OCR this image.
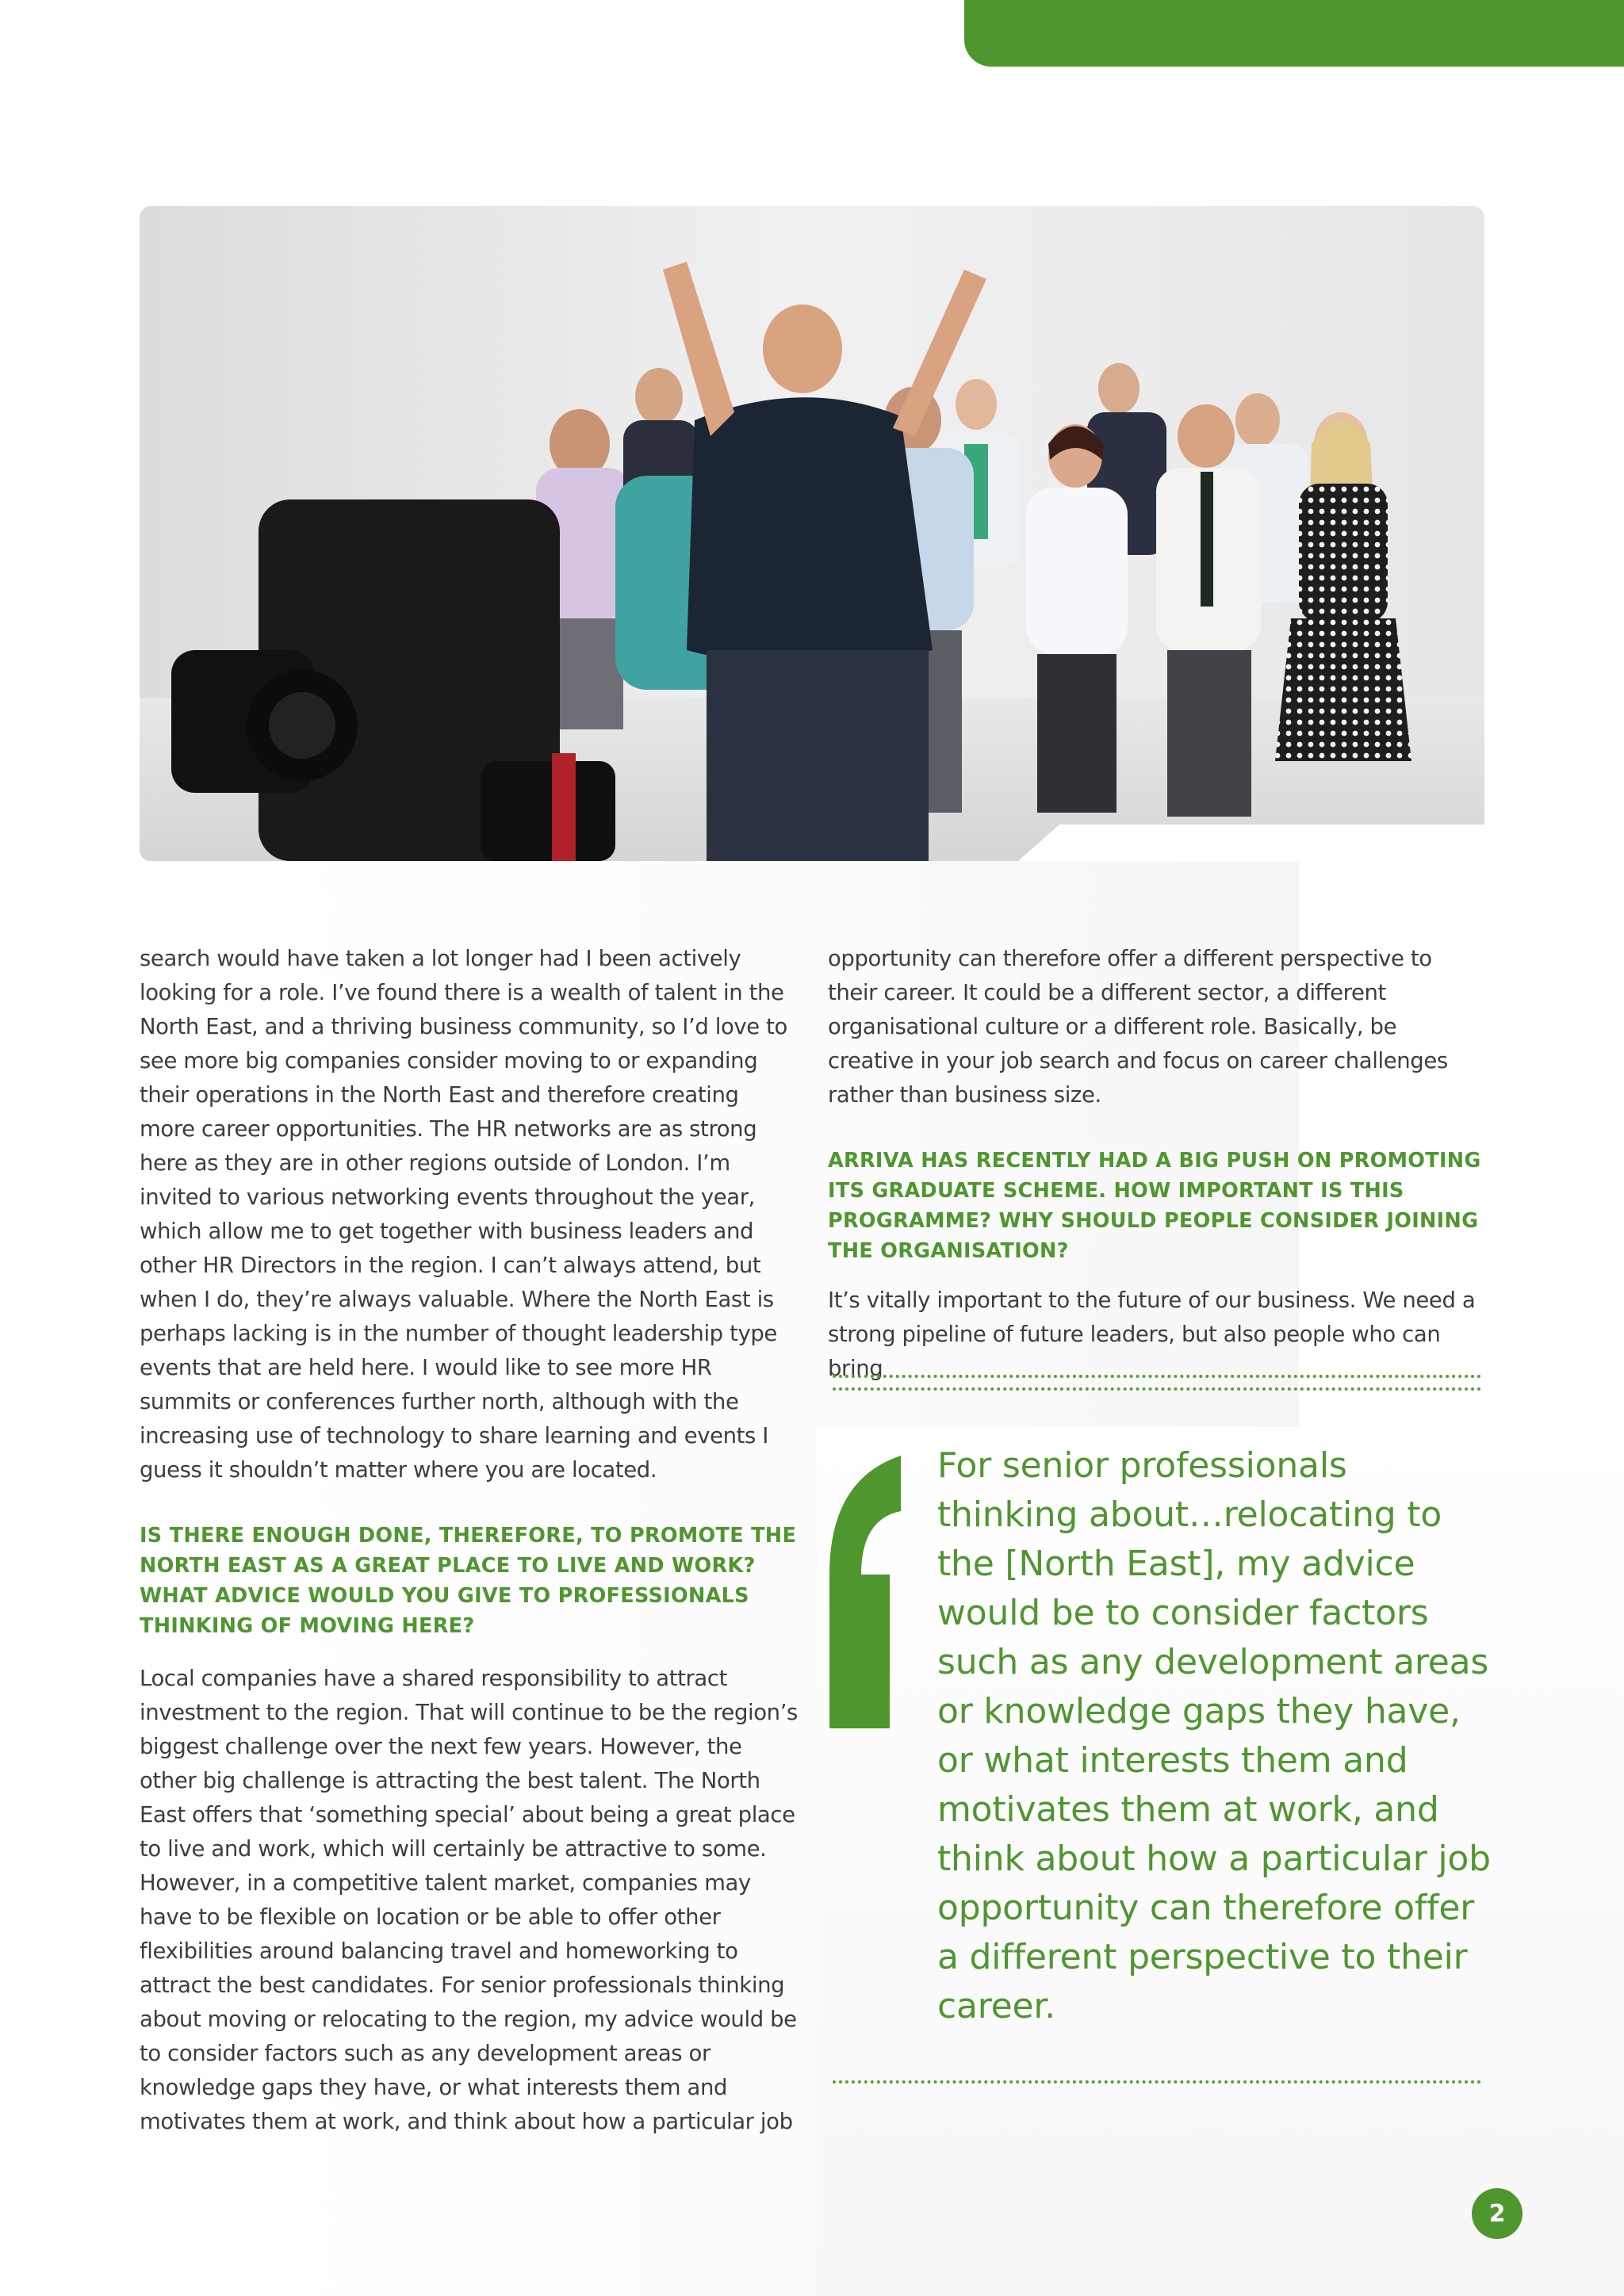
search would have taken a lot longer had I been actively looking for a role. I’ve found there is a wealth of talent in the North East, and a thriving business community, so I’d love to see more big companies consider moving to or expanding their operations in the North East and therefore creating more career opportunities. The HR networks are as strong here as they are in other regions outside of London. I’m invited to various networking events throughout the year, which allow me to get together with business leaders and other HR Directors in the region. I can’t always attend, but when I do, they’re always valuable. Where the North East is perhaps lacking is in the number of thought leadership type events that are held here. I would like to see more HR summits or conferences further north, although with the increasing use of technology to share learning and events I guess it shouldn’t matter where you are located.

IS THERE ENOUGH DONE, THEREFORE, TO PROMOTE THE NORTH EAST AS A GREAT PLACE TO LIVE AND WORK? WHAT ADVICE WOULD YOU GIVE TO PROFESSIONALS THINKING OF MOVING HERE?

Local companies have a shared responsibility to attract investment to the region. That will continue to be the region’s biggest challenge over the next few years. However, the other big challenge is attracting the best talent. The North East offers that ‘something special’ about being a great place to live and work, which will certainly be attractive to some. However, in a competitive talent market, companies may have to be flexible on location or be able to offer other flexibilities around balancing travel and homeworking to attract the best candidates. For senior professionals thinking about moving or relocating to the region, my advice would be to consider factors such as any development areas or knowledge gaps they have, or what interests them and motivates them at work, and think about how a particular job

opportunity can therefore offer a different perspective to their career. It could be a different sector, a different organisational culture or a different role. Basically, be creative in your job search and focus on career challenges rather than business size.

ARRIVA HAS RECENTLY HAD A BIG PUSH ON PROMOTING ITS GRADUATE SCHEME. HOW IMPORTANT IS THIS PROGRAMME? WHY SHOULD PEOPLE CONSIDER JOINING THE ORGANISATION?

It’s vitally important to the future of our business. We need a strong pipeline of future leaders, but also people who can bring

For senior professionals thinking about…relocating to the [North East], my advice would be to consider factors such as any development areas or knowledge gaps they have, or what interests them and motivates them at work, and think about how a particular job opportunity can therefore offer a different perspective to their career.
2
